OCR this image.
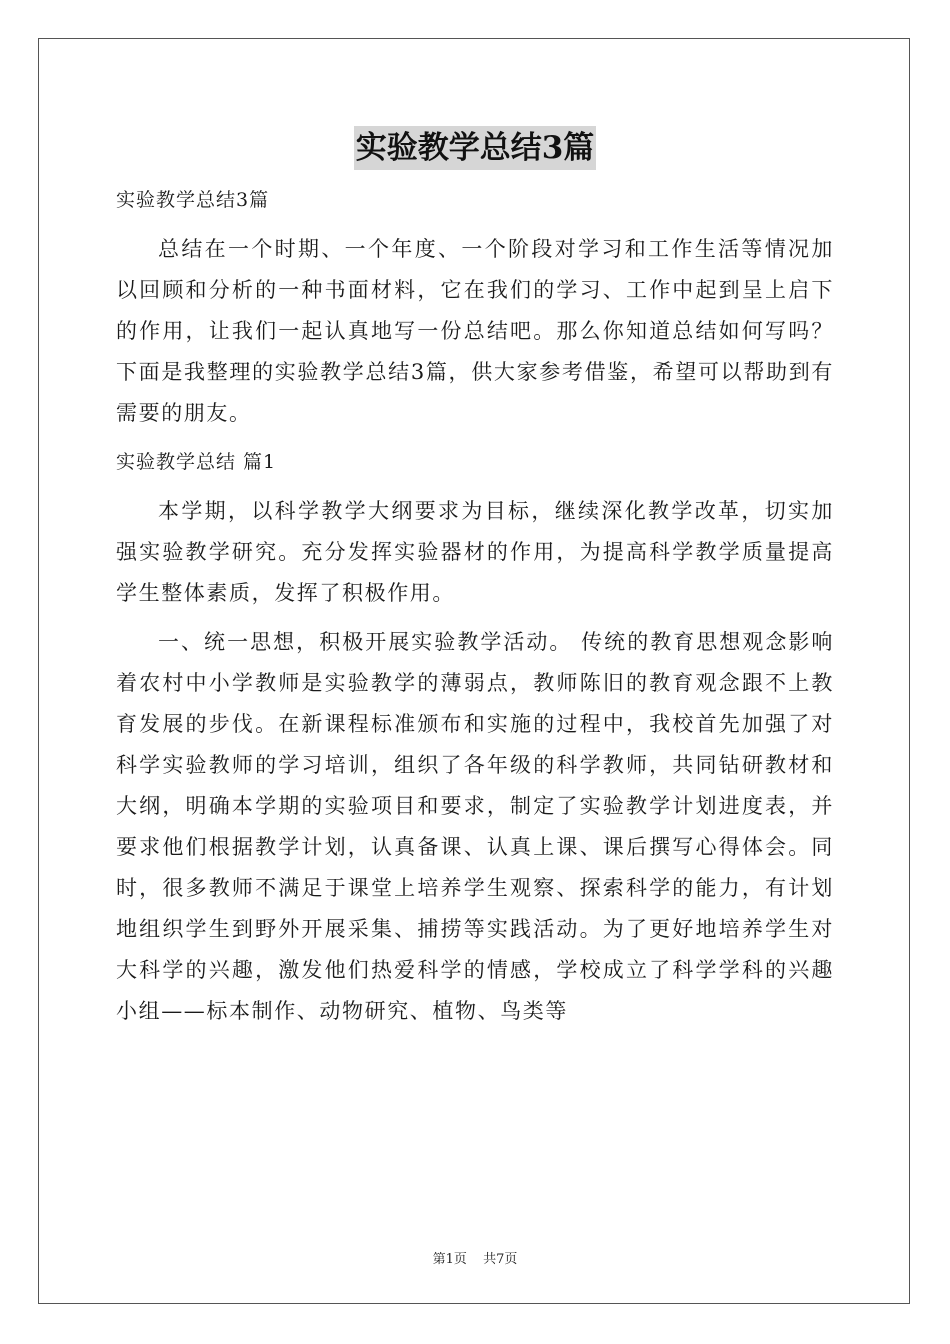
实验教学总结3篇

实验教学总结3篇

总结在一个时期、一个年度、一个阶段对学习和工作生活等情况加以回顾和分析的一种书面材料，它在我们的学习、工作中起到呈上启下的作用，让我们一起认真地写一份总结吧。那么你知道总结如何写吗？下面是我整理的实验教学总结3篇，供大家参考借鉴，希望可以帮助到有需要的朋友。

实验教学总结 篇1

本学期，以科学教学大纲要求为目标，继续深化教学改革，切实加强实验教学研究。充分发挥实验器材的作用，为提高科学教学质量提高学生整体素质，发挥了积极作用。

一、统一思想，积极开展实验教学活动。 传统的教育思想观念影响着农村中小学教师是实验教学的薄弱点，教师陈旧的教育观念跟不上教育发展的步伐。在新课程标准颁布和实施的过程中，我校首先加强了对科学实验教师的学习培训，组织了各年级的科学教师，共同钻研教材和大纲，明确本学期的实验项目和要求，制定了实验教学计划进度表，并要求他们根据教学计划，认真备课、认真上课、课后撰写心得体会。同时，很多教师不满足于课堂上培养学生观察、探索科学的能力，有计划地组织学生到野外开展采集、捕捞等实践活动。为了更好地培养学生对大科学的兴趣，激发他们热爱科学的情感，学校成立了科学学科的兴趣小组——标本制作、动物研究、植物、鸟类等

第1页 共7页
